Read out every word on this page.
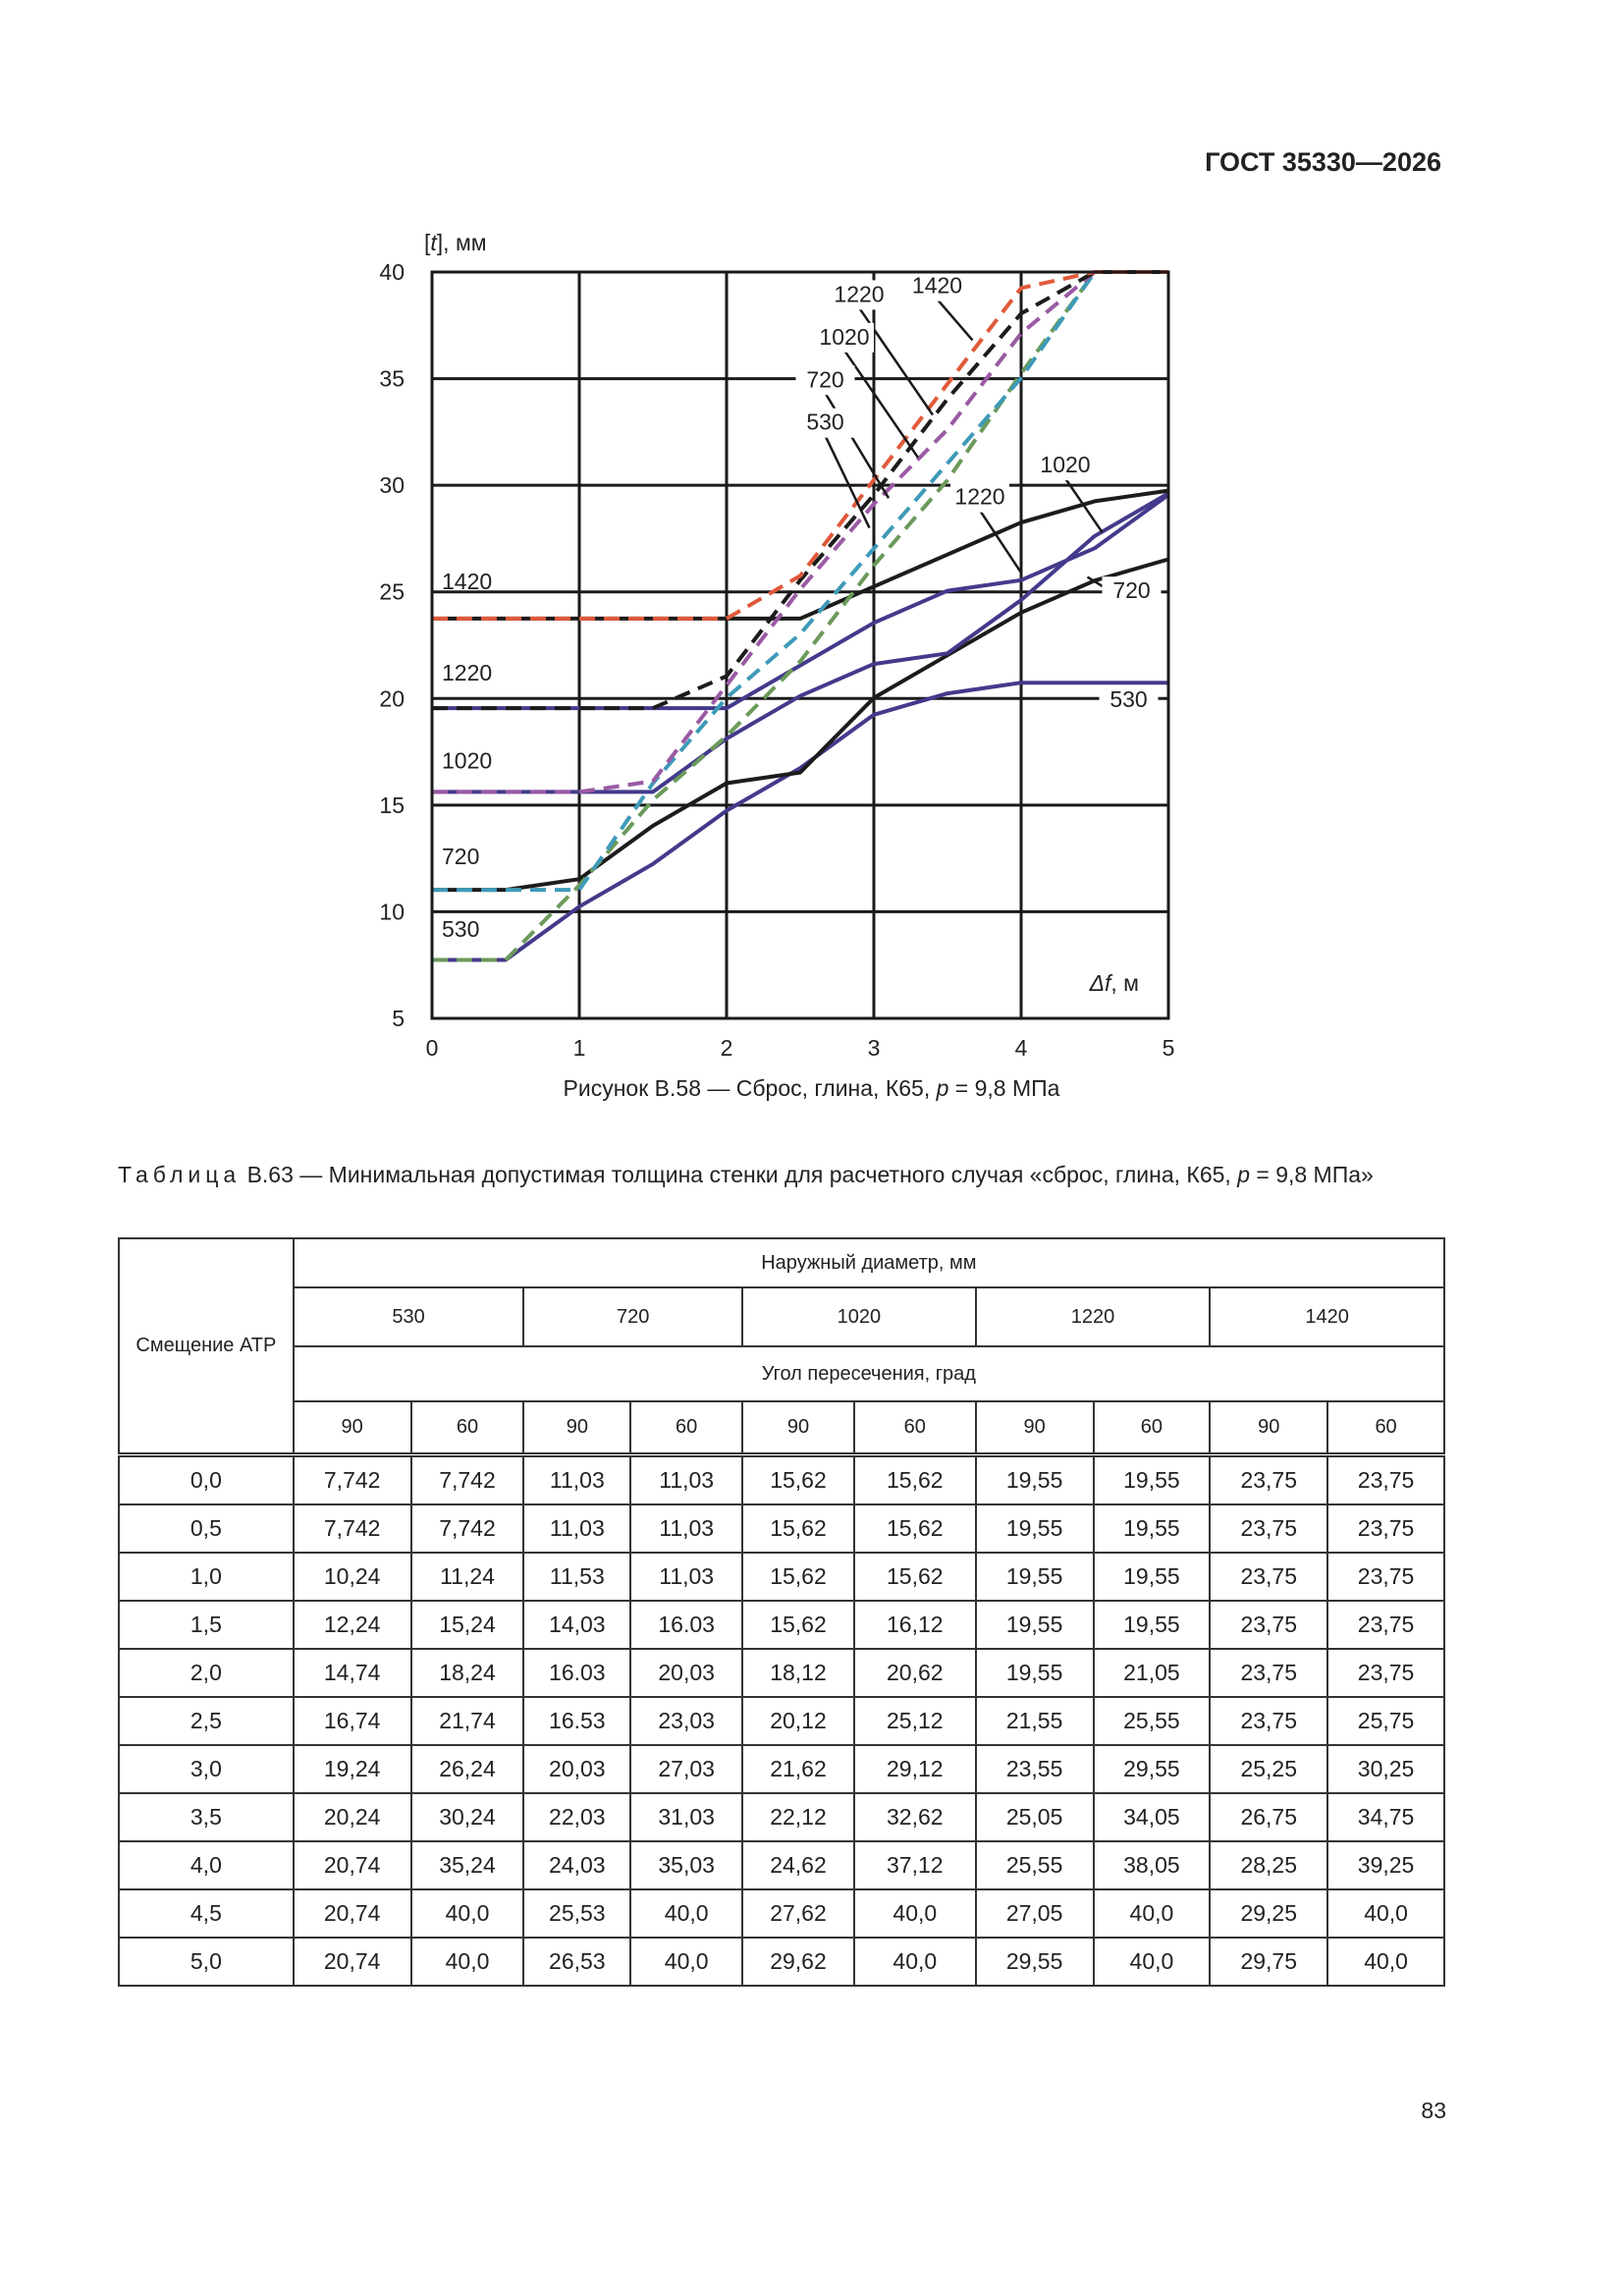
ГОСТ 35330—2026
0	1	2	3	4	5
5
10
15
20
25
30
35
40
[t], мм
Δf, м
1420
1220
1020
720
530
1420
1220
1020
720
530
1020
1220
720
530
Рисунок В.58 — Сброс, глина, К65, p = 9,8 МПа
Таблица В.63 — Минимальная допустимая толщина стенки для расчетного случая «сброс, глина, К65, p = 9,8 МПа»
Смещение АТР	Наружный диаметр, мм									
	530		720		1020		1220		1420	
	Угол пересечения, град									
	90	60	90	60	90	60	90	60	90	60
0,0	7,742	7,742	11,03	11,03	15,62	15,62	19,55	19,55	23,75	23,75
0,5	7,742	7,742	11,03	11,03	15,62	15,62	19,55	19,55	23,75	23,75
1,0	10,24	11,24	11,53	11,03	15,62	15,62	19,55	19,55	23,75	23,75
1,5	12,24	15,24	14,03	16.03	15,62	16,12	19,55	19,55	23,75	23,75
2,0	14,74	18,24	16.03	20,03	18,12	20,62	19,55	21,05	23,75	23,75
2,5	16,74	21,74	16.53	23,03	20,12	25,12	21,55	25,55	23,75	25,75
3,0	19,24	26,24	20,03	27,03	21,62	29,12	23,55	29,55	25,25	30,25
3,5	20,24	30,24	22,03	31,03	22,12	32,62	25,05	34,05	26,75	34,75
4,0	20,74	35,24	24,03	35,03	24,62	37,12	25,55	38,05	28,25	39,25
4,5	20,74	40,0	25,53	40,0	27,62	40,0	27,05	40,0	29,25	40,0
5,0	20,74	40,0	26,53	40,0	29,62	40,0	29,55	40,0	29,75	40,0
83
